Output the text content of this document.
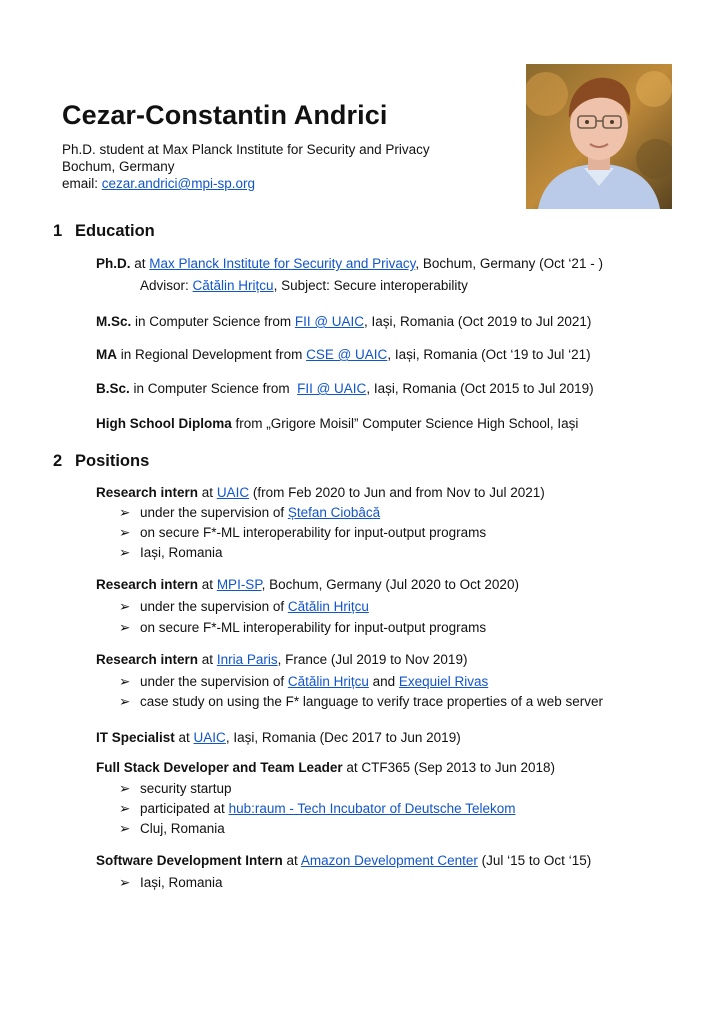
Cezar-Constantin Andrici
Ph.D. student at Max Planck Institute for Security and Privacy
Bochum, Germany
email: cezar.andrici@mpi-sp.org
1 Education
Ph.D. at Max Planck Institute for Security and Privacy, Bochum, Germany (Oct ‘21 - )
Advisor: Cătălin Hrițcu, Subject: Secure interoperability
M.Sc. in Computer Science from FII @ UAIC, Iași, Romania (Oct 2019 to Jul 2021)
MA in Regional Development from CSE @ UAIC, Iași, Romania (Oct ‘19 to Jul ‘21)
B.Sc. in Computer Science from  FII @ UAIC, Iași, Romania (Oct 2015 to Jul 2019)
High School Diploma from „Grigore Moisil” Computer Science High School, Iași
2 Positions
Research intern at UAIC (from Feb 2020 to Jun and from Nov to Jul 2021)
➢ under the supervision of Ștefan Ciobâcă
➢ on secure F*-ML interoperability for input-output programs
➢ Iași, Romania
Research intern at MPI-SP, Bochum, Germany (Jul 2020 to Oct 2020)
➢ under the supervision of Cătălin Hrițcu
➢ on secure F*-ML interoperability for input-output programs
Research intern at Inria Paris, France (Jul 2019 to Nov 2019)
➢ under the supervision of Cătălin Hrițcu and Exequiel Rivas
➢ case study on using the F* language to verify trace properties of a web server
IT Specialist at UAIC, Iași, Romania (Dec 2017 to Jun 2019)
Full Stack Developer and Team Leader at CTF365 (Sep 2013 to Jun 2018)
➢ security startup
➢ participated at hub:raum - Tech Incubator of Deutsche Telekom
➢ Cluj, Romania
Software Development Intern at Amazon Development Center (Jul ‘15 to Oct ‘15)
➢ Iași, Romania
